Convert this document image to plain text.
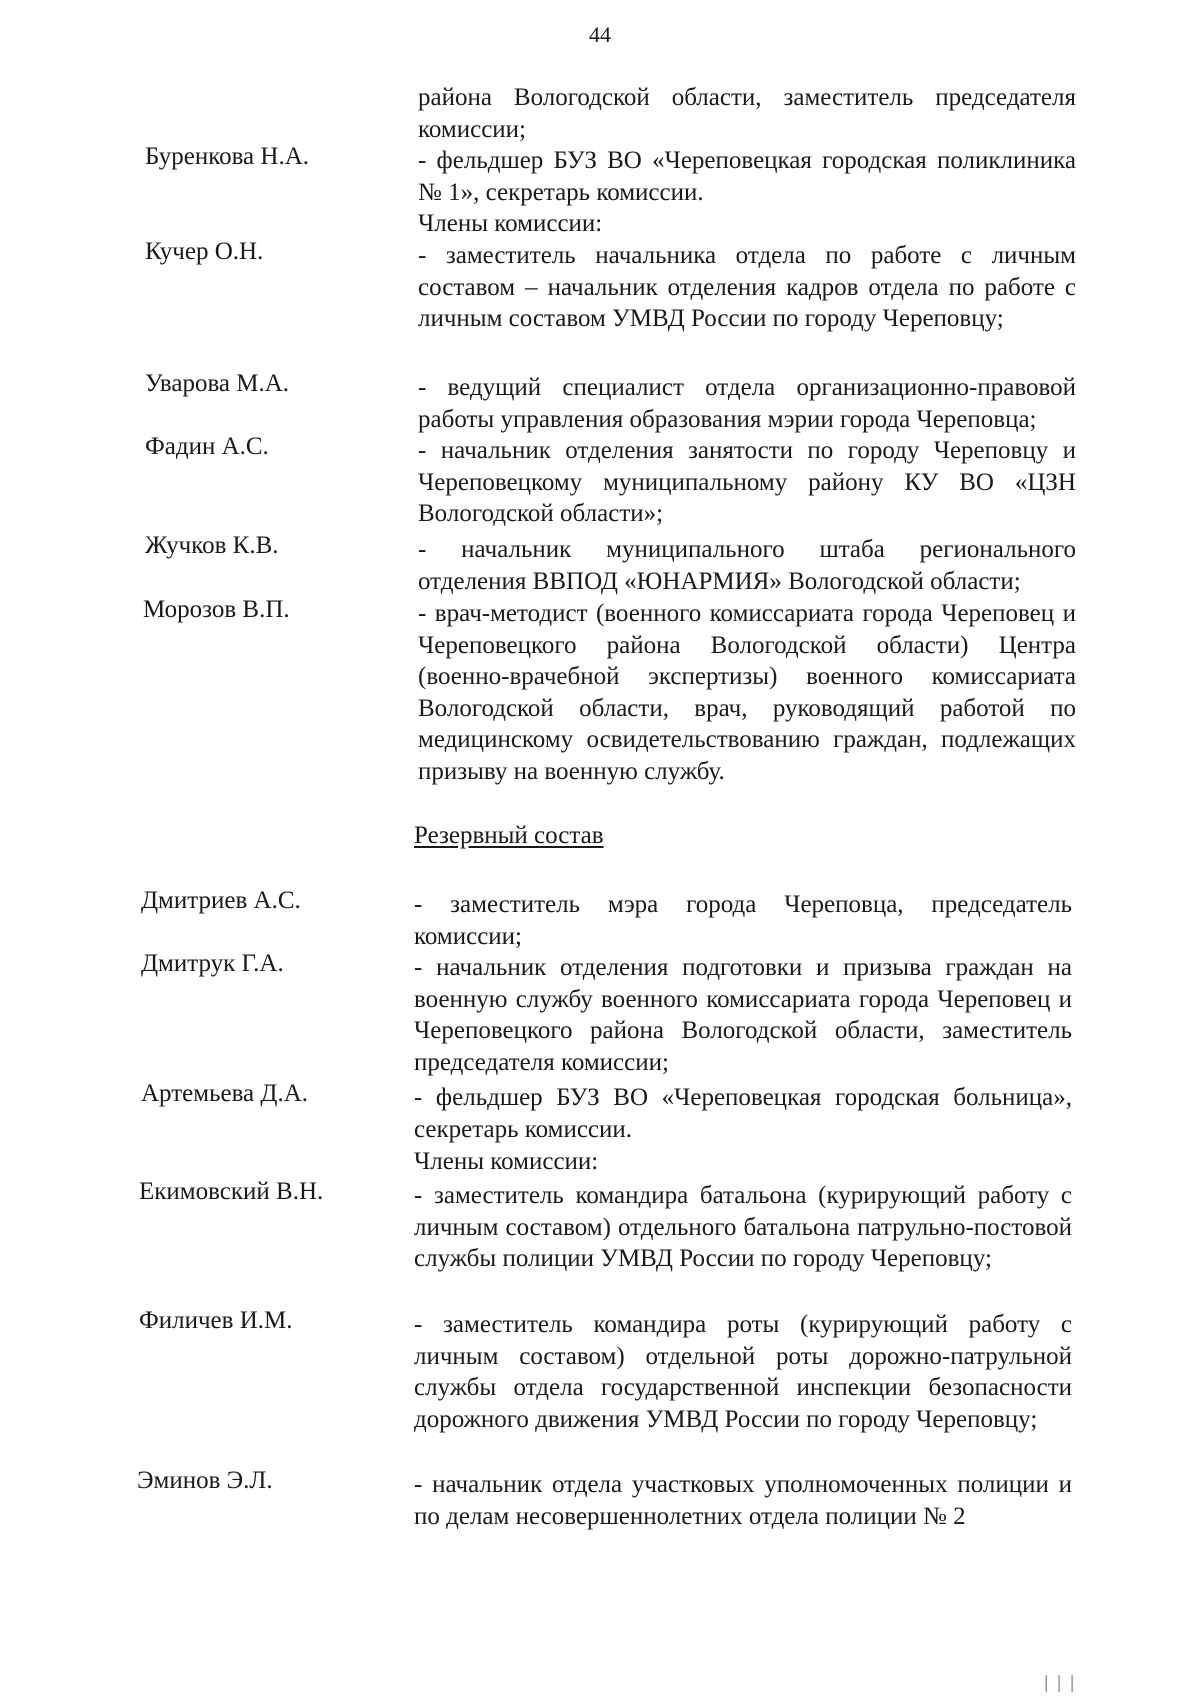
44
района Вологодской области, заместитель председателя комиссии;
Буренкова Н.А.	- фельдшер БУЗ ВО «Череповецкая городская поликлиника № 1», секретарь комиссии.
Члены комиссии:
Кучер О.Н.	- заместитель начальника отдела по работе с личным составом – начальник отделения кадров отдела по работе с личным составом УМВД России по городу Череповцу;
Уварова М.А.	- ведущий специалист отдела организационно-правовой работы управления образования мэрии города Череповца;
Фадин А.С.	- начальник отделения занятости по городу Череповцу и Череповецкому муниципальному району КУ ВО «ЦЗН Вологодской области»;
Жучков К.В.	- начальник муниципального штаба регионального отделения ВВПОД «ЮНАРМИЯ» Вологодской области;
Морозов В.П.	- врач-методист (военного комиссариата города Череповец и Череповецкого района Вологодской области) Центра (военно-врачебной экспертизы) военного комиссариата Вологодской области, врач, руководящий работой по медицинскому освидетельствованию граждан, подлежащих призыву на военную службу.
Резервный состав
Дмитриев А.С.	- заместитель мэра города Череповца, председатель комиссии;
Дмитрук Г.А.	- начальник отделения подготовки и призыва граждан на военную службу военного комиссариата города Череповец и Череповецкого района Вологодской области, заместитель председателя комиссии;
Артемьева Д.А.	- фельдшер БУЗ ВО «Череповецкая городская больница», секретарь комиссии.
Члены комиссии:
Екимовский В.Н.	- заместитель командира батальона (курирующий работу с личным составом) отдельного батальона патрульно-постовой службы полиции УМВД России по городу Череповцу;
Филичев И.М.	- заместитель командира роты (курирующий работу с личным составом) отдельной роты дорожно-патрульной службы отдела государственной инспекции безопасности дорожного движения УМВД России по городу Череповцу;
Эминов Э.Л.	- начальник отдела участковых уполномоченных полиции и по делам несовершеннолетних отдела полиции № 2
│││
